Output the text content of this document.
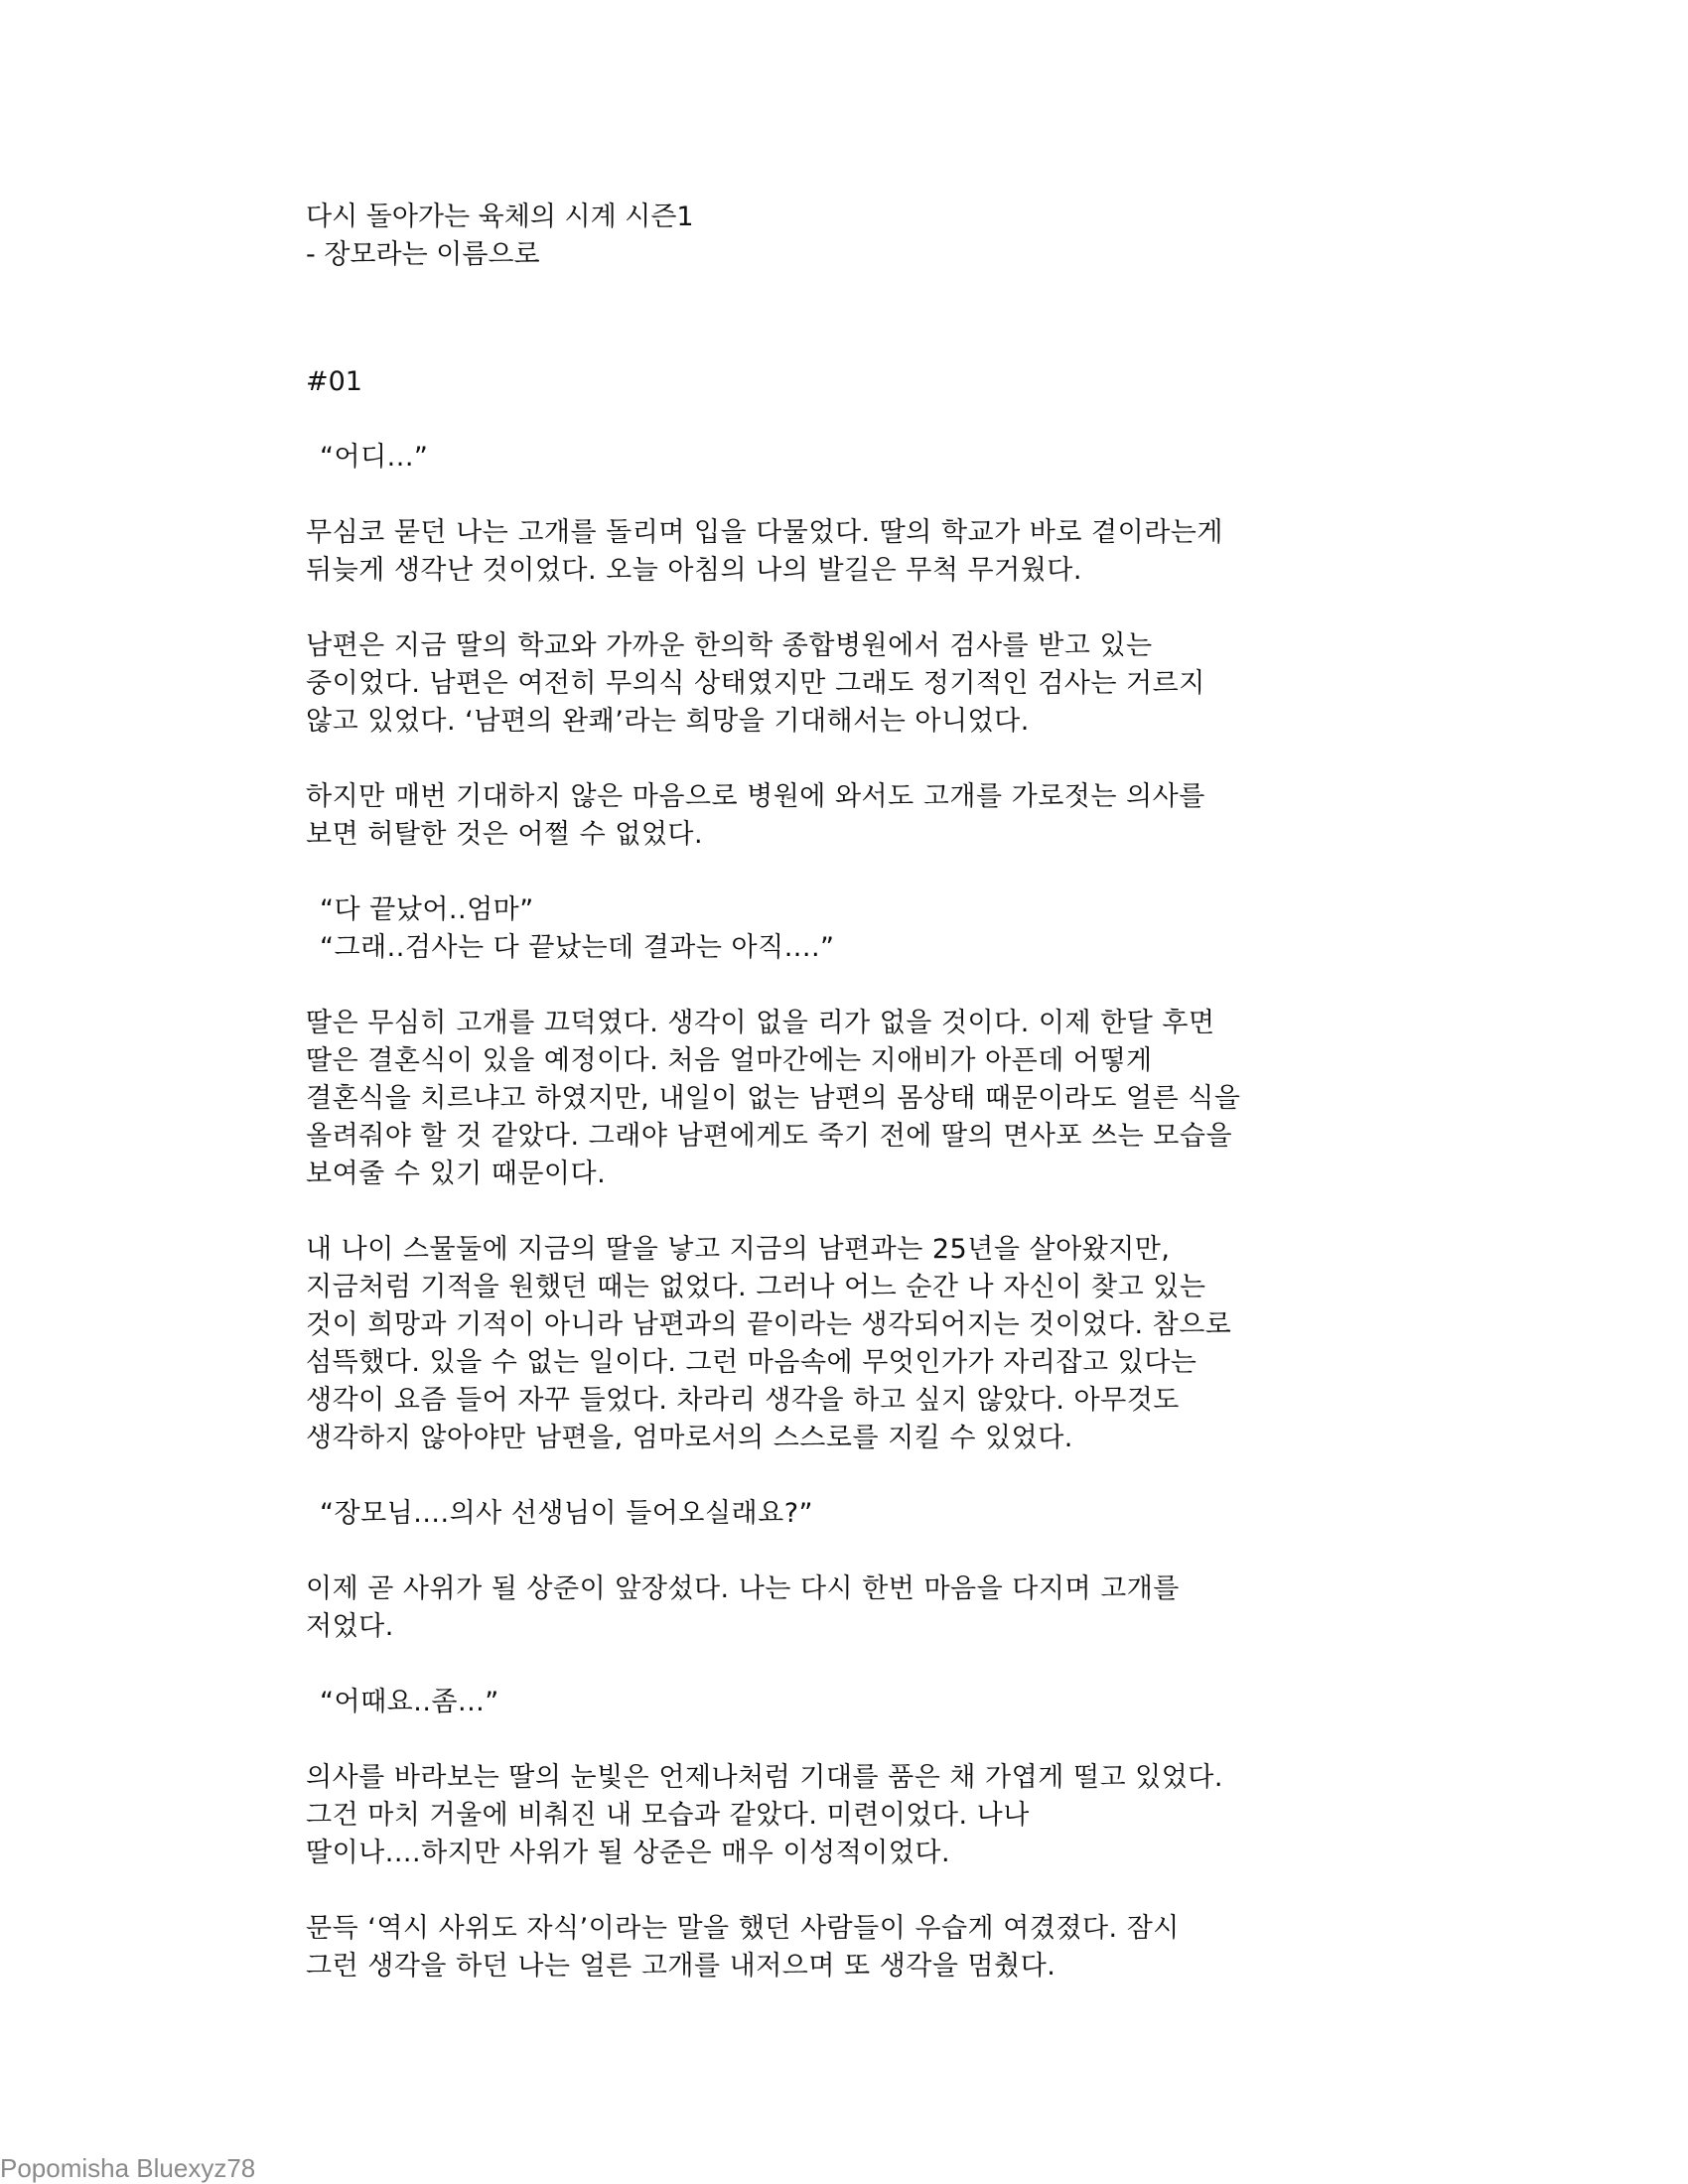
다시 돌아가는 육체의 시계 시즌1
- 장모라는 이름으로
#01

“어디...”

무심코 묻던 나는 고개를 돌리며 입을 다물었다. 딸의 학교가 바로 곁이라는게
뒤늦게 생각난 것이었다. 오늘 아침의 나의 발길은 무척 무거웠다.

남편은 지금 딸의 학교와 가까운 한의학 종합병원에서 검사를 받고 있는
중이었다. 남편은 여전히 무의식 상태였지만 그래도 정기적인 검사는 거르지
않고 있었다. ‘남편의 완쾌’라는 희망을 기대해서는 아니었다.

하지만 매번 기대하지 않은 마음으로 병원에 와서도 고개를 가로젓는 의사를
보면 허탈한 것은 어쩔 수 없었다.

“다 끝났어..엄마”
“그래..검사는 다 끝났는데 결과는 아직....”

딸은 무심히 고개를 끄덕였다. 생각이 없을 리가 없을 것이다. 이제 한달 후면
딸은 결혼식이 있을 예정이다. 처음 얼마간에는 지애비가 아픈데 어떻게
결혼식을 치르냐고 하였지만, 내일이 없는 남편의 몸상태 때문이라도 얼른 식을
올려줘야 할 것 같았다. 그래야 남편에게도 죽기 전에 딸의 면사포 쓰는 모습을
보여줄 수 있기 때문이다.

내 나이 스물둘에 지금의 딸을 낳고 지금의 남편과는 25년을 살아왔지만,
지금처럼 기적을 원했던 때는 없었다. 그러나 어느 순간 나 자신이 찾고 있는
것이 희망과 기적이 아니라 남편과의 끝이라는 생각되어지는 것이었다. 참으로
섬뜩했다. 있을 수 없는 일이다. 그런 마음속에 무엇인가가 자리잡고 있다는
생각이 요즘 들어 자꾸 들었다. 차라리 생각을 하고 싶지 않았다. 아무것도
생각하지 않아야만 남편을, 엄마로서의 스스로를 지킬 수 있었다.

“장모님....의사 선생님이 들어오실래요?”

이제 곧 사위가 될 상준이 앞장섰다. 나는 다시 한번 마음을 다지며 고개를
저었다.

“어때요..좀...”

의사를 바라보는 딸의 눈빛은 언제나처럼 기대를 품은 채 가엽게 떨고 있었다.
그건 마치 거울에 비춰진 내 모습과 같았다. 미련이었다. 나나
딸이나....하지만 사위가 될 상준은 매우 이성적이었다.

문득 ‘역시 사위도 자식’이라는 말을 했던 사람들이 우습게 여겼졌다. 잠시
그런 생각을 하던 나는 얼른 고개를 내저으며 또 생각을 멈췄다.

Popomisha Bluexyz78
